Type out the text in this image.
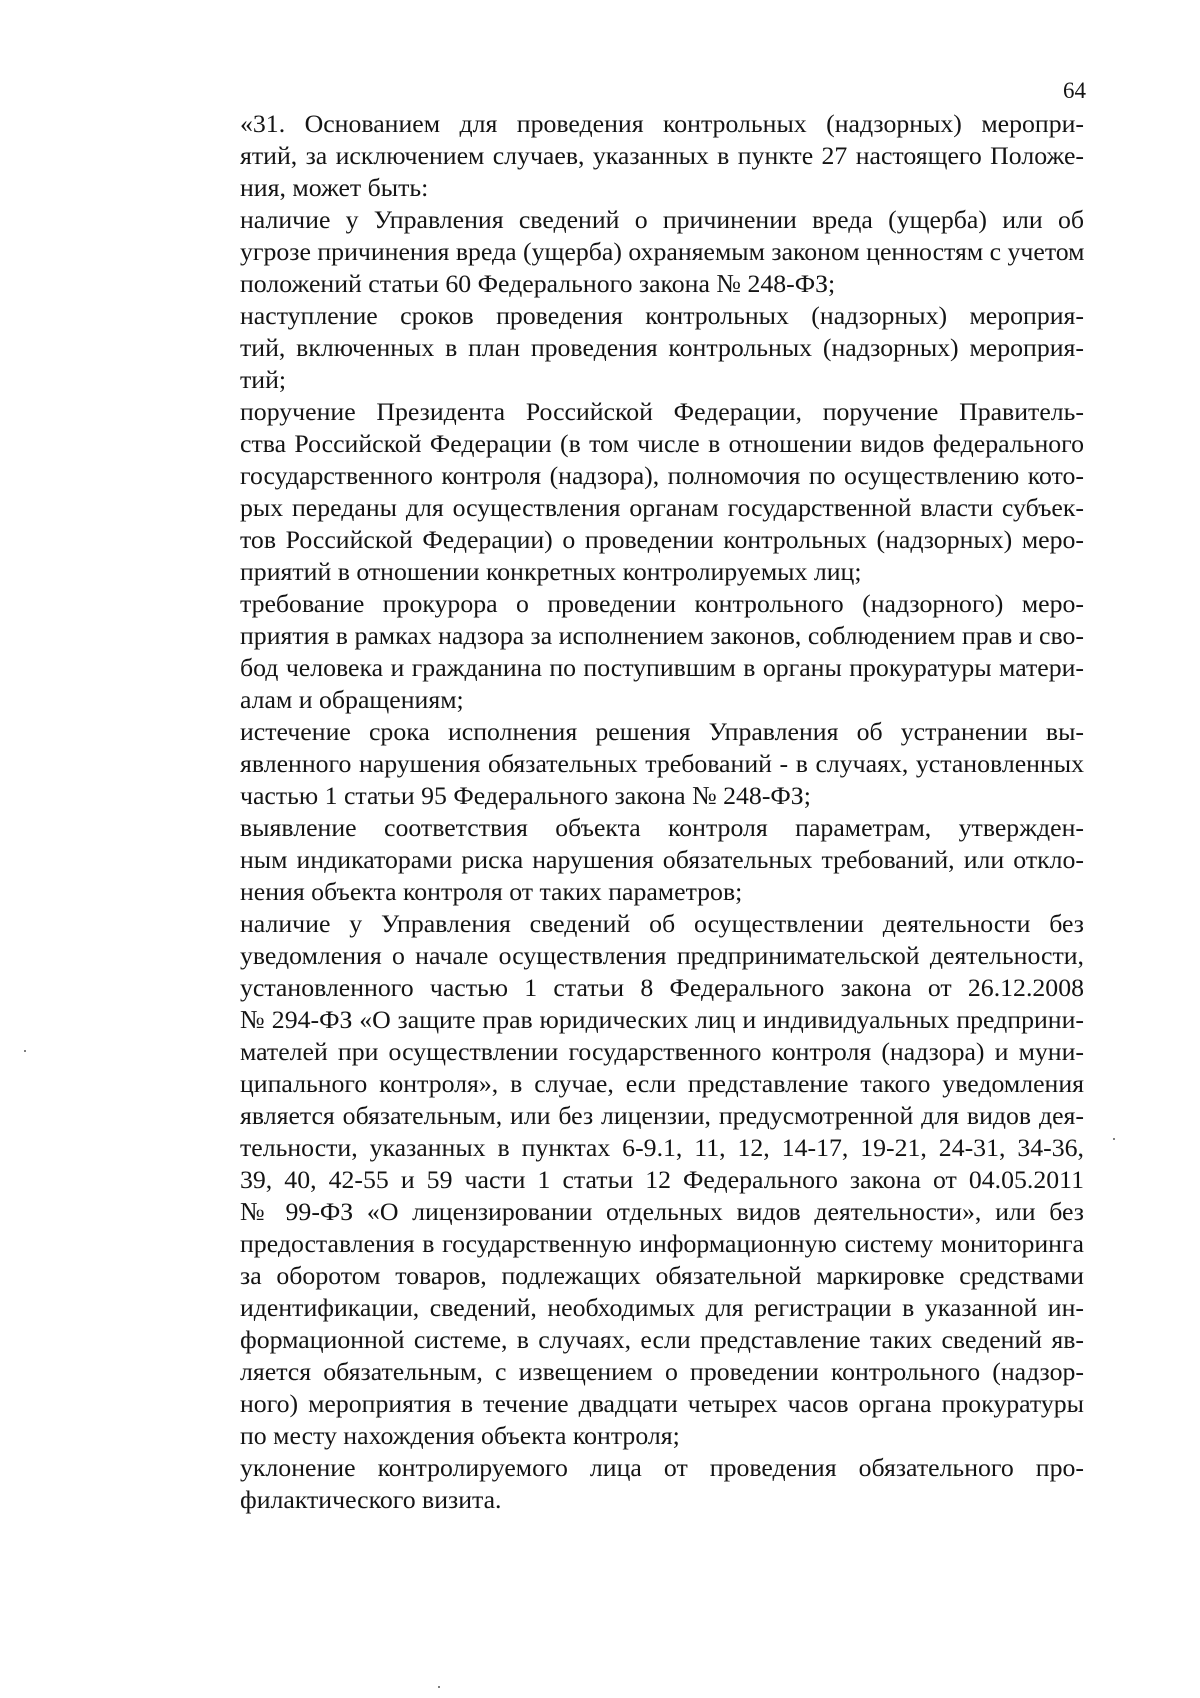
64

«31. Основанием для проведения контрольных (надзорных) меропри-
ятий, за исключением случаев, указанных в пункте 27 настоящего Положе-
ния, может быть:

наличие у Управления сведений о причинении вреда (ущерба) или об
угрозе причинения вреда (ущерба) охраняемым законом ценностям с учетом
положений статьи 60 Федерального закона № 248-ФЗ;

наступление сроков проведения контрольных (надзорных) мероприя-
тий, включенных в план проведения контрольных (надзорных) мероприя-
тий;

поручение Президента Российской Федерации, поручение Правитель-
ства Российской Федерации (в том числе в отношении видов федерального
государственного контроля (надзора), полномочия по осуществлению кото-
рых переданы для осуществления органам государственной власти субъек-
тов Российской Федерации) о проведении контрольных (надзорных) меро-
приятий в отношении конкретных контролируемых лиц;

требование прокурора о проведении контрольного (надзорного) меро-
приятия в рамках надзора за исполнением законов, соблюдением прав и сво-
бод человека и гражданина по поступившим в органы прокуратуры матери-
алам и обращениям;

истечение срока исполнения решения Управления об устранении вы-
явленного нарушения обязательных требований - в случаях, установленных
частью 1 статьи 95 Федерального закона № 248-ФЗ;

выявление соответствия объекта контроля параметрам, утвержден-
ным индикаторами риска нарушения обязательных требований, или откло-
нения объекта контроля от таких параметров;

наличие у Управления сведений об осуществлении деятельности без
уведомления о начале осуществления предпринимательской деятельности,
установленного частью 1 статьи 8 Федерального закона от 26.12.2008
№ 294-ФЗ «О защите прав юридических лиц и индивидуальных предприни-
мателей при осуществлении государственного контроля (надзора) и муни-
ципального контроля», в случае, если представление такого уведомления
является обязательным, или без лицензии, предусмотренной для видов дея-
тельности, указанных в пунктах 6-9.1, 11, 12, 14-17, 19-21, 24-31, 34-36,
39, 40, 42-55 и 59 части 1 статьи 12 Федерального закона от 04.05.2011
№ 99-ФЗ «О лицензировании отдельных видов деятельности», или без
предоставления в государственную информационную систему мониторинга
за оборотом товаров, подлежащих обязательной маркировке средствами
идентификации, сведений, необходимых для регистрации в указанной ин-
формационной системе, в случаях, если представление таких сведений яв-
ляется обязательным, с извещением о проведении контрольного (надзор-
ного) мероприятия в течение двадцати четырех часов органа прокуратуры
по месту нахождения объекта контроля;

уклонение контролируемого лица от проведения обязательного про-
филактического визита.
